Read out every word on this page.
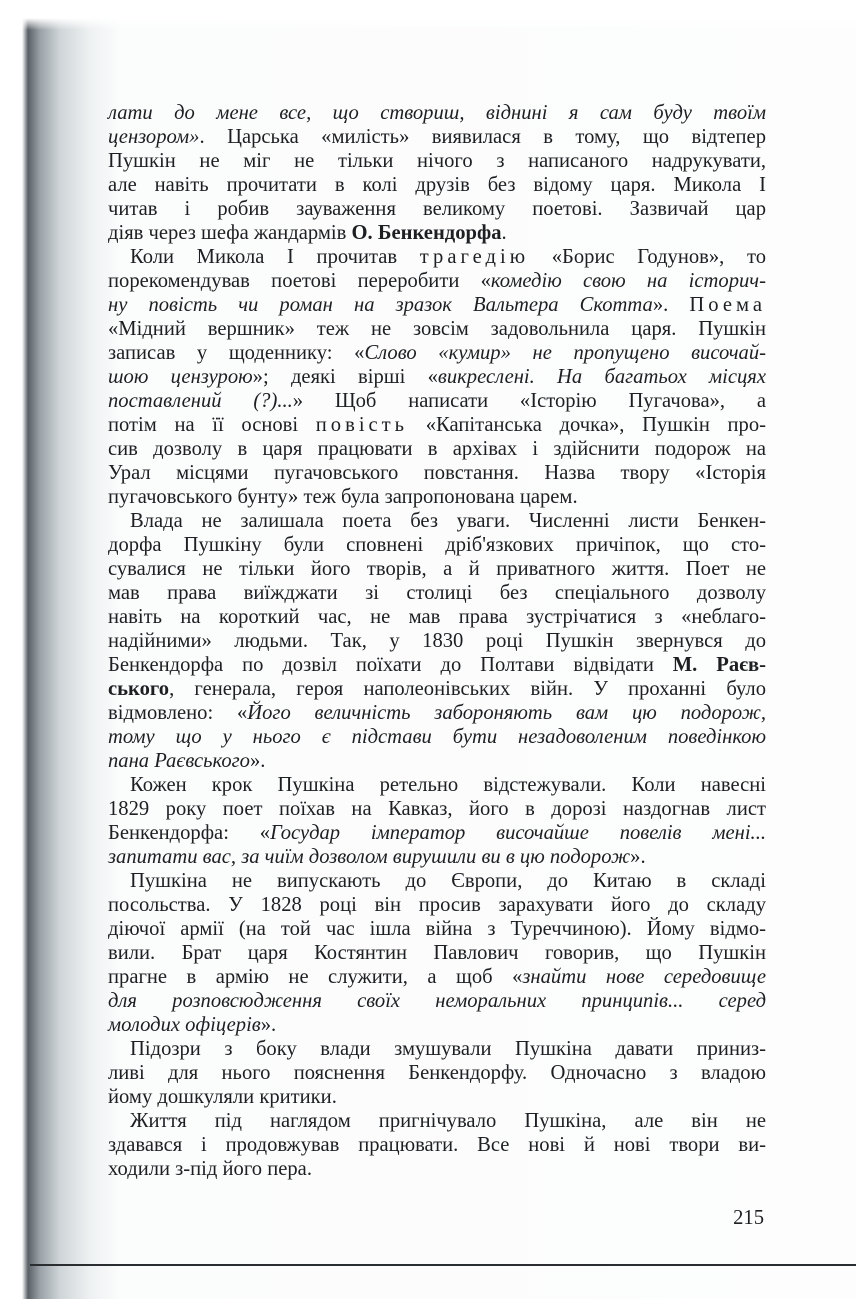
лати до мене все, що створиш, віднині я сам буду твоїм
цензором». Царська «милість» виявилася в тому, що відтепер
Пушкін не міг не тільки нічого з написаного надрукувати,
але навіть прочитати в колі друзів без відому царя. Микола І
читав і робив зауваження великому поетові. Зазвичай цар
діяв через шефа жандармів О. Бенкендорфа.
Коли Микола І прочитав трагедію «Борис Годунов», то
порекомендував поетові переробити «комедію свою на історич-
ну повість чи роман на зразок Вальтера Скотта». Поема
«Мідний вершник» теж не зовсім задовольнила царя. Пушкін
записав у щоденнику: «Слово «кумир» не пропущено височай-
шою цензурою»; деякі вірші «викреслені. На багатьох місцях
поставлений (?)...» Щоб написати «Історію Пугачова», а
потім на її основі повість «Капітанська дочка», Пушкін про-
сив дозволу в царя працювати в архівах і здійснити подорож на
Урал місцями пугачовського повстання. Назва твору «Історія
пугачовського бунту» теж була запропонована царем.
Влада не залишала поета без уваги. Численні листи Бенкен-
дорфа Пушкіну були сповнені дріб'язкових причіпок, що сто-
сувалися не тільки його творів, а й приватного життя. Поет не
мав права виїжджати зі столиці без спеціального дозволу
навіть на короткий час, не мав права зустрічатися з «неблаго-
надійними» людьми. Так, у 1830 році Пушкін звернувся до
Бенкендорфа по дозвіл поїхати до Полтави відвідати М. Раєв-
ського, генерала, героя наполеонівських війн. У проханні було
відмовлено: «Його величність забороняють вам цю подорож,
тому що у нього є підстави бути незадоволеним поведінкою
пана Раєвського».
Кожен крок Пушкіна ретельно відстежували. Коли навесні
1829 року поет поїхав на Кавказ, його в дорозі наздогнав лист
Бенкендорфа: «Государ імператор височайше повелів мені...
запитати вас, за чиїм дозволом вирушили ви в цю подорож».
Пушкіна не випускають до Європи, до Китаю в складі
посольства. У 1828 році він просив зарахувати його до складу
діючої армії (на той час ішла війна з Туреччиною). Йому відмо-
вили. Брат царя Костянтин Павлович говорив, що Пушкін
прагне в армію не служити, а щоб «знайти нове середовище
для розповсюдження своїх неморальних принципів... серед
молодих офіцерів».
Підозри з боку влади змушували Пушкіна давати приниз-
ливі для нього пояснення Бенкендорфу. Одночасно з владою
йому дошкуляли критики.
Життя під наглядом пригнічувало Пушкіна, але він не
здавався і продовжував працювати. Все нові й нові твори ви-
ходили з-під його пера.
215
